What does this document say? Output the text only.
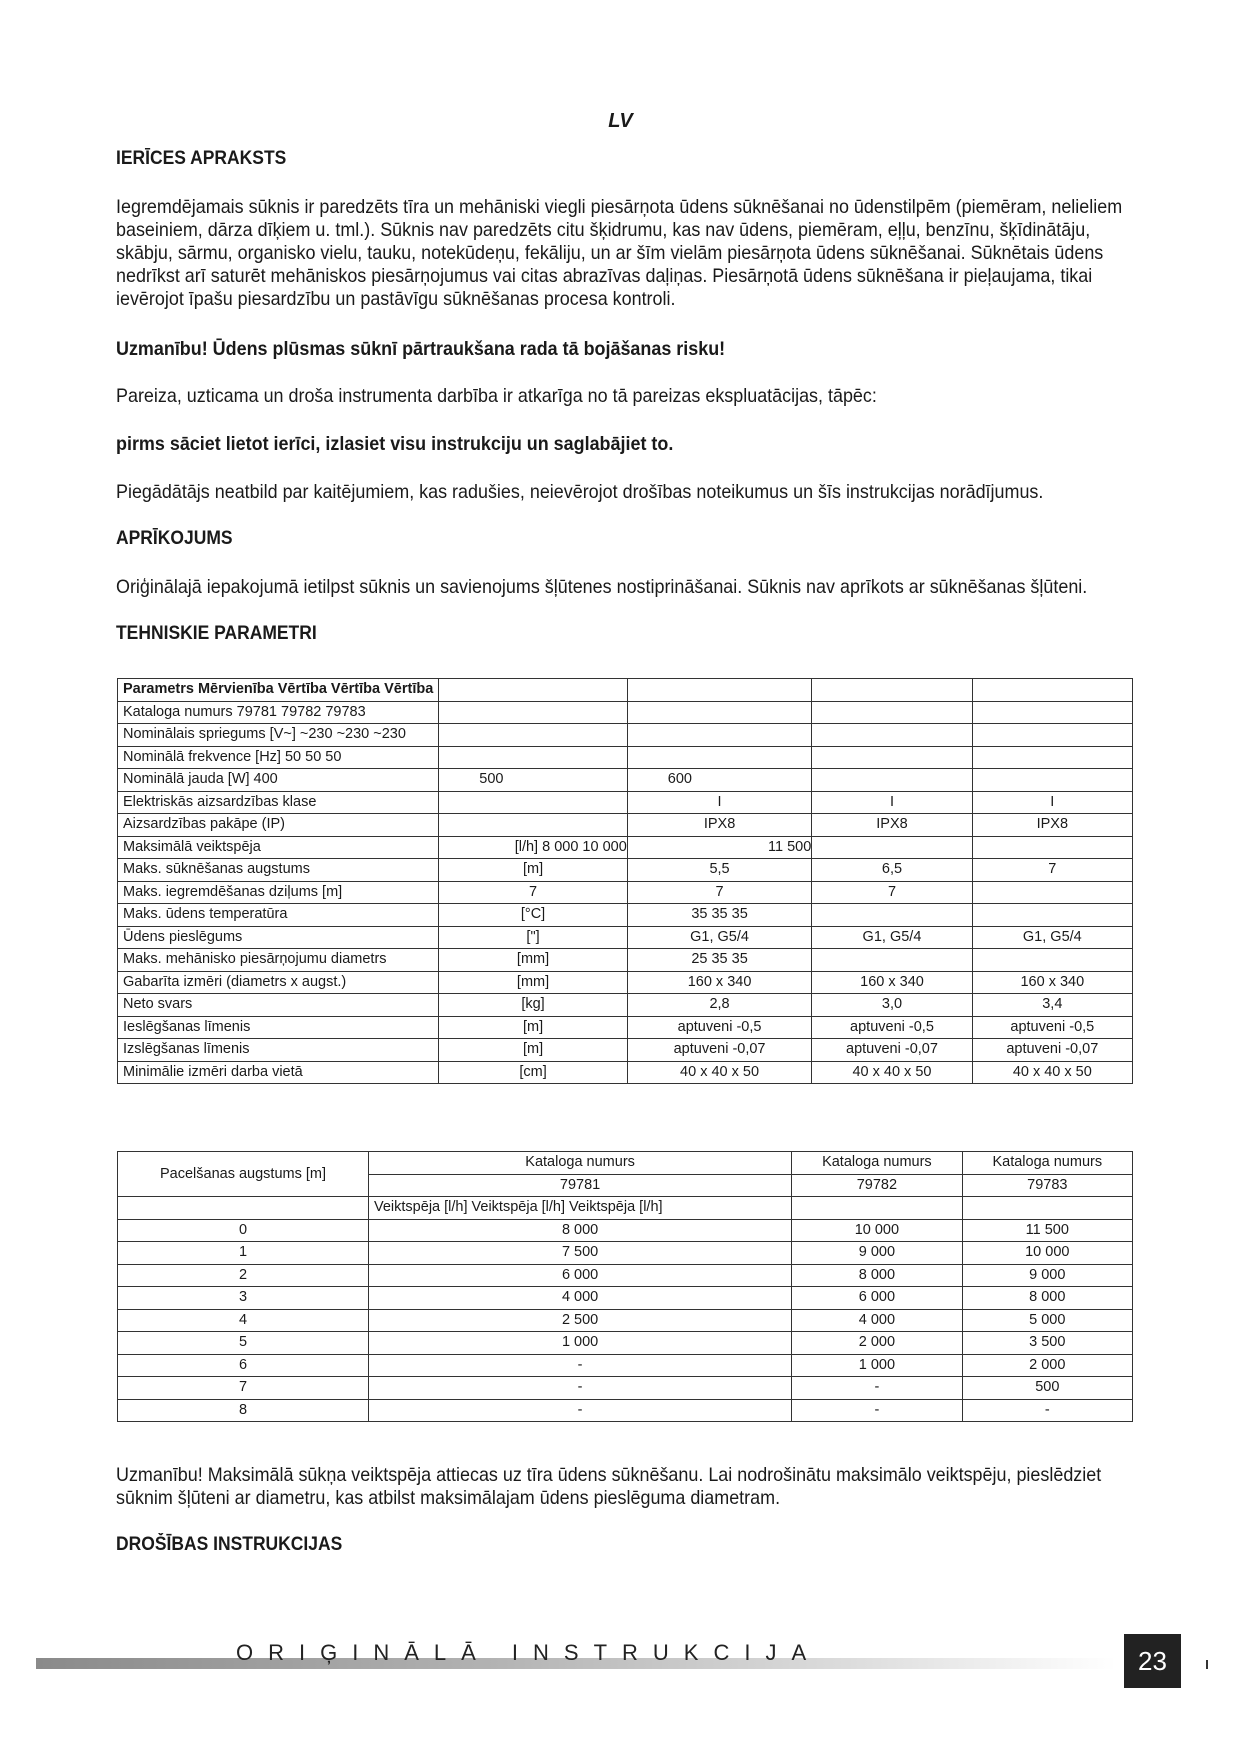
LV
IERĪCES APRAKSTS
Iegremdējamais sūknis ir paredzēts tīra un mehāniski viegli piesārņota ūdens sūknēšanai no ūdenstilpēm (piemēram, nelieliem baseiniem, dārza dīķiem u. tml.). Sūknis nav paredzēts citu šķidrumu, kas nav ūdens, piemēram, eļļu, benzīnu, šķīdinātāju, skābju, sārmu, organisko vielu, tauku, notekūdeņu, fekāliju, un ar šīm vielām piesārņota ūdens sūknēšanai. Sūknētais ūdens nedrīkst arī saturēt mehāniskos piesārņojumus vai citas abrazīvas daļiņas. Piesārņotā ūdens sūknēšana ir pieļaujama, tikai ievērojot īpašu piesardzību un pastāvīgu sūknēšanas procesa kontroli.
Uzmanību! Ūdens plūsmas sūknī pārtraukšana rada tā bojāšanas risku!
Pareiza, uzticama un droša instrumenta darbība ir atkarīga no tā pareizas ekspluatācijas, tāpēc:
pirms sāciet lietot ierīci, izlasiet visu instrukciju un saglabājiet to.
Piegādātājs neatbild par kaitējumiem, kas radušies, neievērojot drošības noteikumus un šīs instrukcijas norādījumus.
APRĪKOJUMS
Oriģinālajā iepakojumā ietilpst sūknis un savienojums šļūtenes nostiprināšanai. Sūknis nav aprīkots ar sūknēšanas šļūteni.
TEHNISKIE PARAMETRI
Parametrs Mērvienība Vērtība Vērtība Vērtība				
Kataloga numurs 79781 79782 79783				
Nominālais spriegums [V~] ~230 ~230 ~230				
Nominālā frekvence [Hz] 50 50 50				
Nominālā jauda [W] 400	500	600		
Elektriskās aizsardzības klase		I	I	I
Aizsardzības pakāpe (IP)		IPX8	IPX8	IPX8
Maksimālā veiktspēja	[l/h] 8 000 10 000	11 500		
Maks. sūknēšanas augstums	[m]	5,5	6,5	7
Maks. iegremdēšanas dziļums [m]	7	7	7	
Maks. ūdens temperatūra	[°C]	35 35 35		
Ūdens pieslēgums	["]	G1, G5/4	G1, G5/4	G1, G5/4
Maks. mehānisko piesārņojumu diametrs	[mm]	25 35 35		
Gabarīta izmēri (diametrs x augst.)	[mm]	160 x 340	160 x 340	160 x 340
Neto svars	[kg]	2,8	3,0	3,4
Ieslēgšanas līmenis	[m]	aptuveni -0,5	aptuveni -0,5	aptuveni -0,5
Izslēgšanas līmenis	[m]	aptuveni -0,07	aptuveni -0,07	aptuveni -0,07
Minimālie izmēri darba vietā	[cm]	40 x 40 x 50	40 x 40 x 50	40 x 40 x 50
Pacelšanas augstums [m]	Kataloga numurs	Kataloga numurs	Kataloga numurs
	79781	79782	79783
	Veiktspēja [l/h] Veiktspēja [l/h] Veiktspēja [l/h]		
0	8 000	10 000	11 500
1	7 500	9 000	10 000
2	6 000	8 000	9 000
3	4 000	6 000	8 000
4	2 500	4 000	5 000
5	1 000	2 000	3 500
6	-	1 000	2 000
7	-	-	500
8	-	-	-
Uzmanību! Maksimālā sūkņa veiktspēja attiecas uz tīra ūdens sūknēšanu. Lai nodrošinātu maksimālo veiktspēju, pieslēdziet sūknim šļūteni ar diametru, kas atbilst maksimālajam ūdens pieslēguma diametram.
DROŠĪBAS INSTRUKCIJAS
ORIĢINĀLĀ INSTRUKCIJA	23
